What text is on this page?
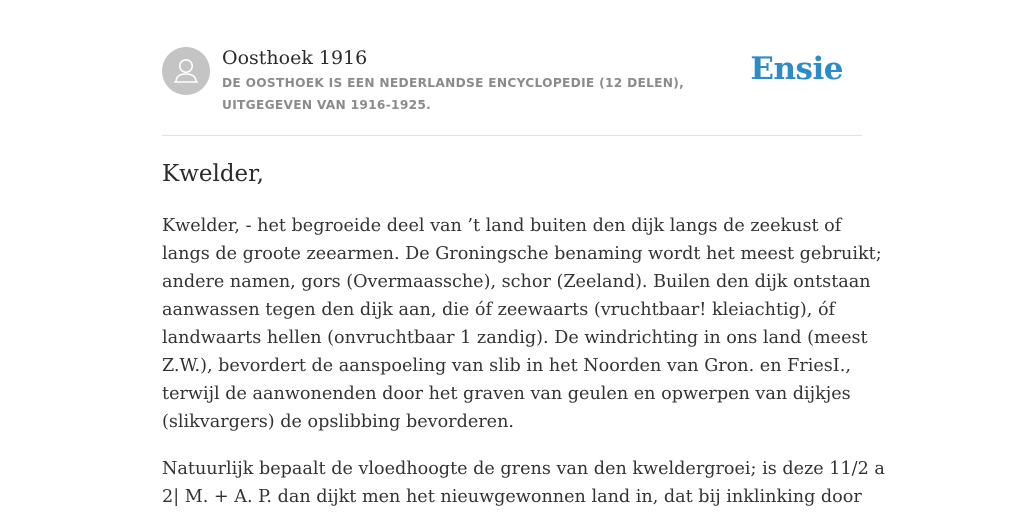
Oosthoek 1916
DE OOSTHOEK IS EEN NEDERLANDSE ENCYCLOPEDIE (12 DELEN), UITGEGEVEN VAN 1916-1925.
Ensie
Kwelder,

Kwelder, - het begroeide deel van ’t land buiten den dijk langs de zeekust of
langs de groote zeearmen. De Groningsche benaming wordt het meest gebruikt;
andere namen, gors (Overmaassche), schor (Zeeland). Builen den dijk ontstaan
aanwassen tegen den dijk aan, die óf zeewaarts (vruchtbaar! kleiachtig), óf
landwaarts hellen (onvruchtbaar 1 zandig). De windrichting in ons land (meest
Z.W.), bevordert de aanspoeling van slib in het Noorden van Gron. en FriesI.,
terwijl de aanwonenden door het graven van geulen en opwerpen van dijkjes
(slikvargers) de opslibbing bevorderen.

Natuurlijk bepaalt de vloedhoogte de grens van den kweldergroei; is deze 11/2 a
2| M. + A. P. dan dijkt men het nieuwgewonnen land in, dat bij inklinking door
